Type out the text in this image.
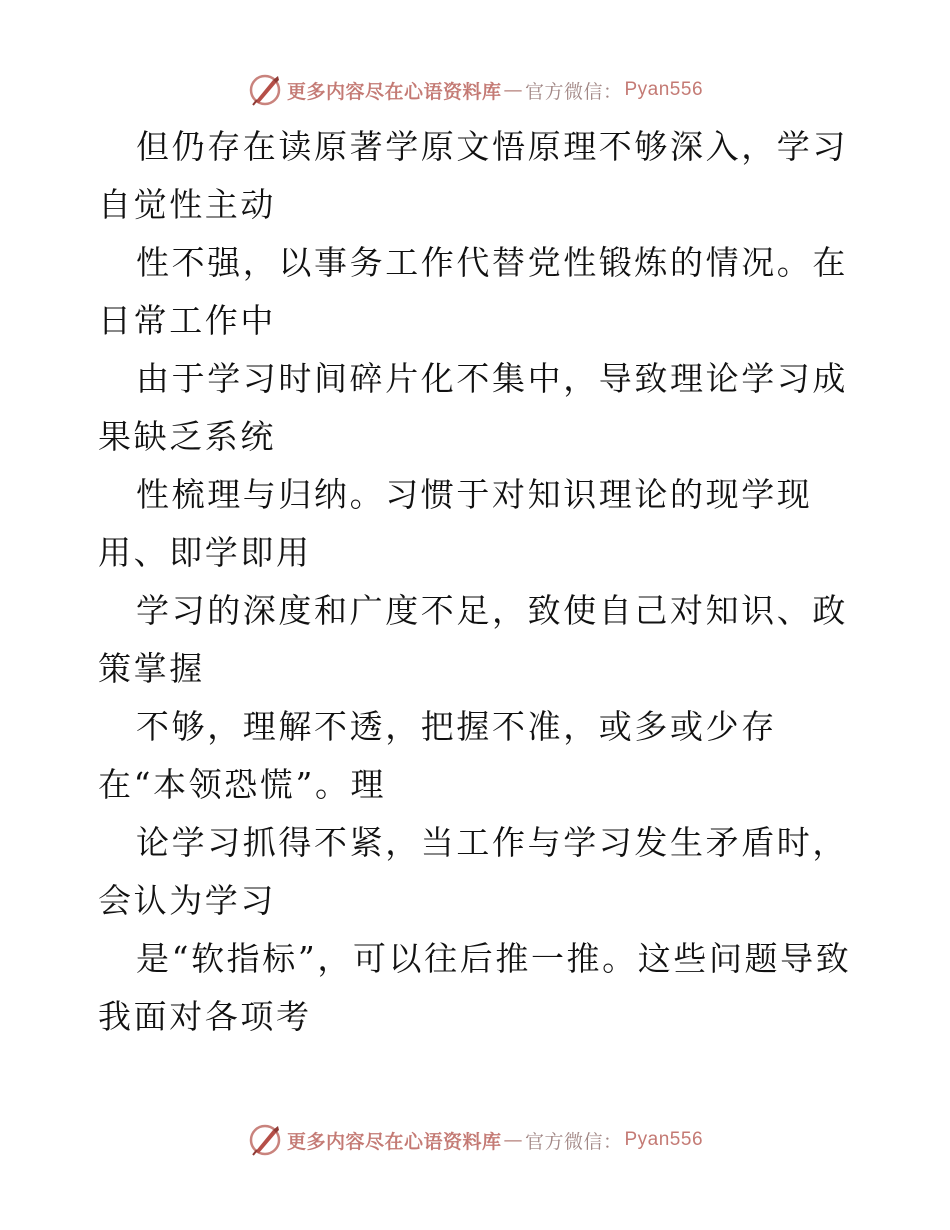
更多内容尽在心语资料库 — 官方微信： Pyan556

但仍存在读原著学原文悟原理不够深入，学习自觉性主动

性不强，以事务工作代替党性锻炼的情况。在日常工作中

由于学习时间碎片化不集中，导致理论学习成果缺乏系统

性梳理与归纳。习惯于对知识理论的现学现用、即学即用

学习的深度和广度不足，致使自己对知识、政策掌握

不够，理解不透，把握不准，或多或少存在“本领恐慌”。理

论学习抓得不紧，当工作与学习发生矛盾时，会认为学习

是“软指标”，可以往后推一推。这些问题导致我面对各项考

更多内容尽在心语资料库 — 官方微信： Pyan556
